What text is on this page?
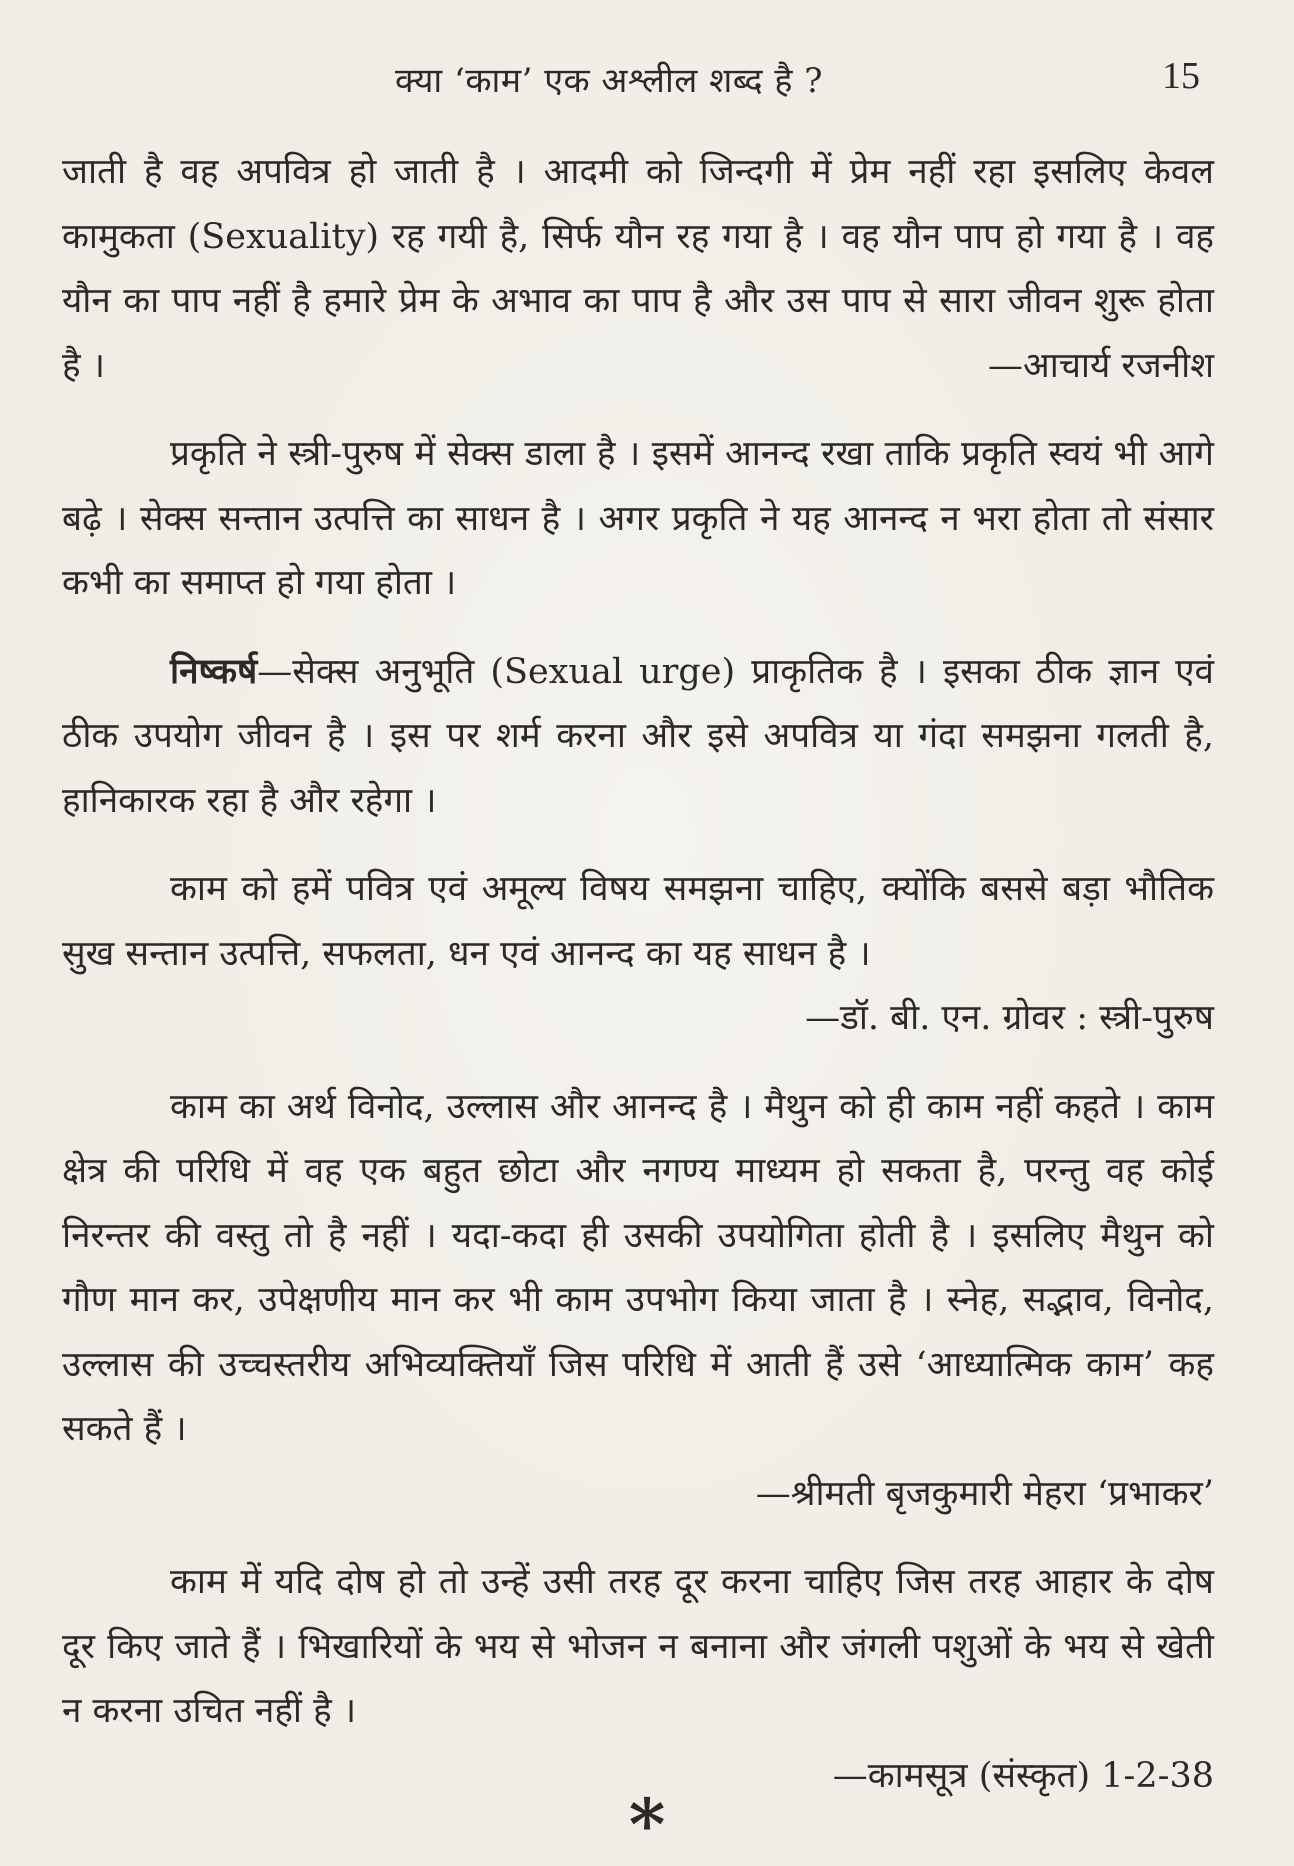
क्या ‘काम’ एक अश्लील शब्द है ?	15

जाती है वह अपवित्र हो जाती है । आदमी को जिन्दगी में प्रेम नहीं रहा इसलिए केवल कामुकता (Sexuality) रह गयी है, सिर्फ यौन रह गया है । वह यौन पाप हो गया है । वह यौन का पाप नहीं है हमारे प्रेम के अभाव का पाप है और उस पाप से सारा जीवन शुरू होता है ।	—आचार्य रजनीश

प्रकृति ने स्त्री-पुरुष में सेक्स डाला है । इसमें आनन्द रखा ताकि प्रकृति स्वयं भी आगे बढ़े । सेक्स सन्तान उत्पत्ति का साधन है । अगर प्रकृति ने यह आनन्द न भरा होता तो संसार कभी का समाप्त हो गया होता ।

निष्कर्ष—सेक्स अनुभूति (Sexual urge) प्राकृतिक है । इसका ठीक ज्ञान एवं ठीक उपयोग जीवन है । इस पर शर्म करना और इसे अपवित्र या गंदा समझना गलती है, हानिकारक रहा है और रहेगा ।

काम को हमें पवित्र एवं अमूल्य विषय समझना चाहिए, क्योंकि बससे बड़ा भौतिक सुख सन्तान उत्पत्ति, सफलता, धन एवं आनन्द का यह साधन है ।

—डॉ. बी. एन. ग्रोवर : स्त्री-पुरुष

काम का अर्थ विनोद, उल्लास और आनन्द है । मैथुन को ही काम नहीं कहते । काम क्षेत्र की परिधि में वह एक बहुत छोटा और नगण्य माध्यम हो सकता है, परन्तु वह कोई निरन्तर की वस्तु तो है नहीं । यदा-कदा ही उसकी उपयोगिता होती है । इसलिए मैथुन को गौण मान कर, उपेक्षणीय मान कर भी काम उपभोग किया जाता है । स्नेह, सद्भाव, विनोद, उल्लास की उच्चस्तरीय अभिव्यक्तियाँ जिस परिधि में आती हैं उसे ‘आध्यात्मिक काम’ कह सकते हैं ।

—श्रीमती बृजकुमारी मेहरा ‘प्रभाकर’

काम में यदि दोष हो तो उन्हें उसी तरह दूर करना चाहिए जिस तरह आहार के दोष दूर किए जाते हैं । भिखारियों के भय से भोजन न बनाना और जंगली पशुओं के भय से खेती न करना उचित नहीं है ।

—कामसूत्र (संस्कृत) 1-2-38

*
